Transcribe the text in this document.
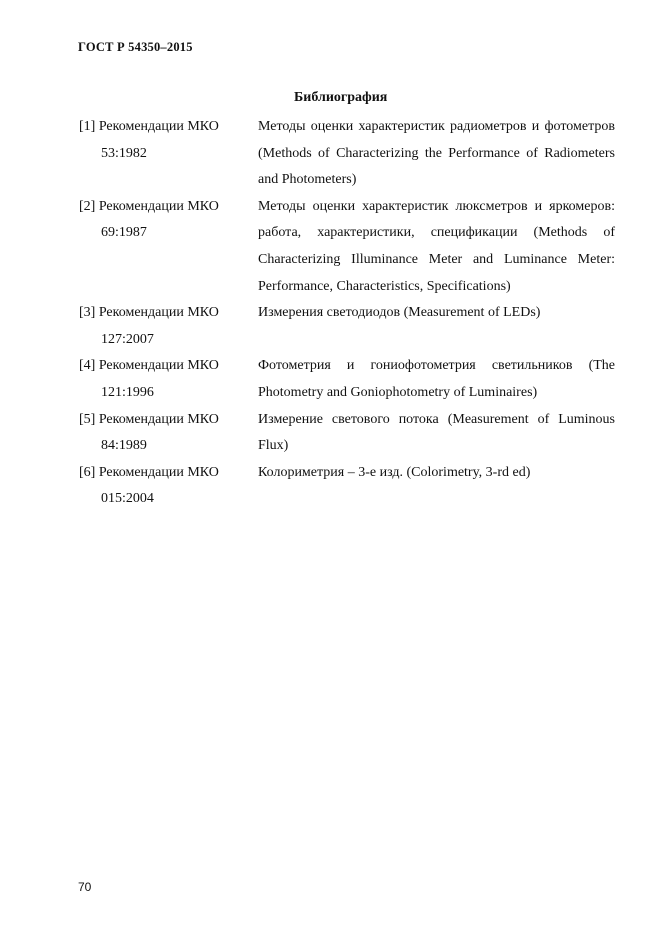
ГОСТ Р 54350–2015
Библиография
[1] Рекомендации МКО
53:1982
Методы оценки характеристик радиометров и фотометров (Methods of Characterizing the Performance of Radiometers and Photometers)
[2] Рекомендации МКО
69:1987
Методы оценки характеристик люксметров и яркомеров: работа, характеристики, спецификации (Methods of Characterizing Illuminance Meter and Luminance Meter: Performance, Characteristics, Specifications)
[3] Рекомендации МКО
127:2007
Измерения светодиодов (Measurement of LEDs)
[4] Рекомендации МКО
121:1996
Фотометрия и гониофотометрия светильников (The Photometry and Goniophotometry of Luminaires)
[5] Рекомендации МКО
84:1989
Измерение светового потока (Measurement of Luminous Flux)
[6] Рекомендации МКО
015:2004
Колориметрия – 3-е изд. (Colorimetry, 3-rd ed)
70
